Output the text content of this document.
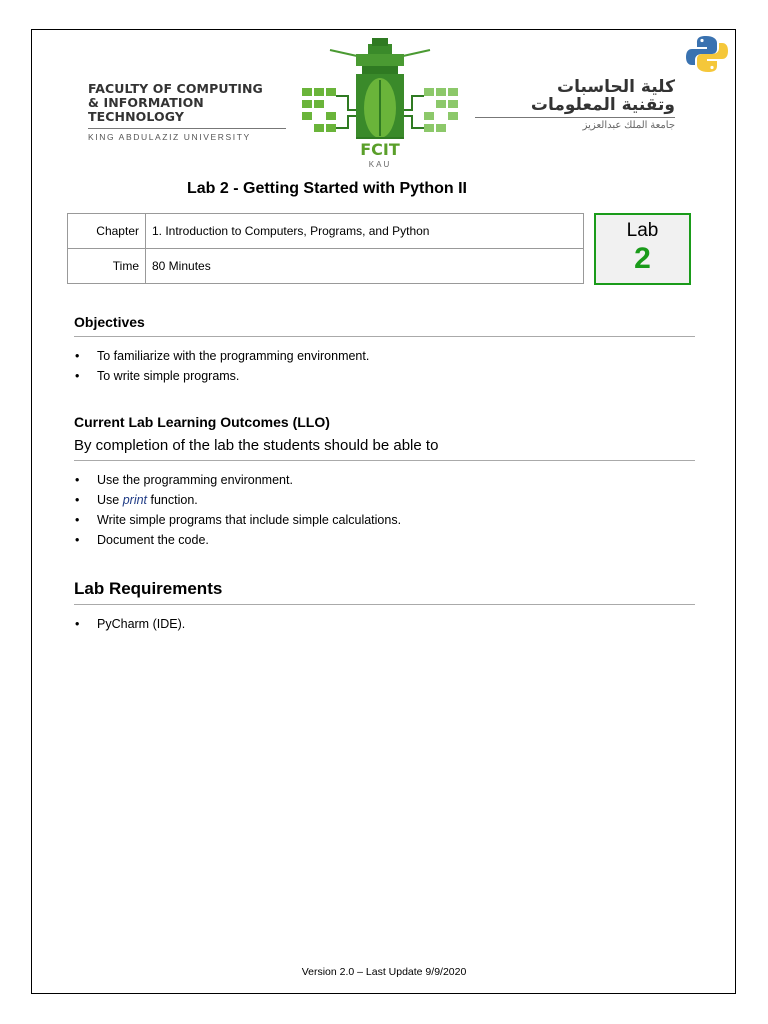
FACULTY OF COMPUTING
& INFORMATION TECHNOLOGY
KING ABDULAZIZ UNIVERSITY
FCIT
KAU
كلية الحاسبات
وتقنية المعلومات
جامعة الملك عبدالعزيز
Lab 2 - Getting Started with Python II
Chapter	1. Introduction to Computers, Programs, and Python
Time	80 Minutes
Lab
2
Objectives
• To familiarize with the programming environment.
• To write simple programs.
Current Lab Learning Outcomes (LLO)
By completion of the lab the students should be able to
• Use the programming environment.
• Use print function.
• Write simple programs that include simple calculations.
• Document the code.
Lab Requirements
• PyCharm (IDE).
Version 2.0 – Last Update 9/9/2020
